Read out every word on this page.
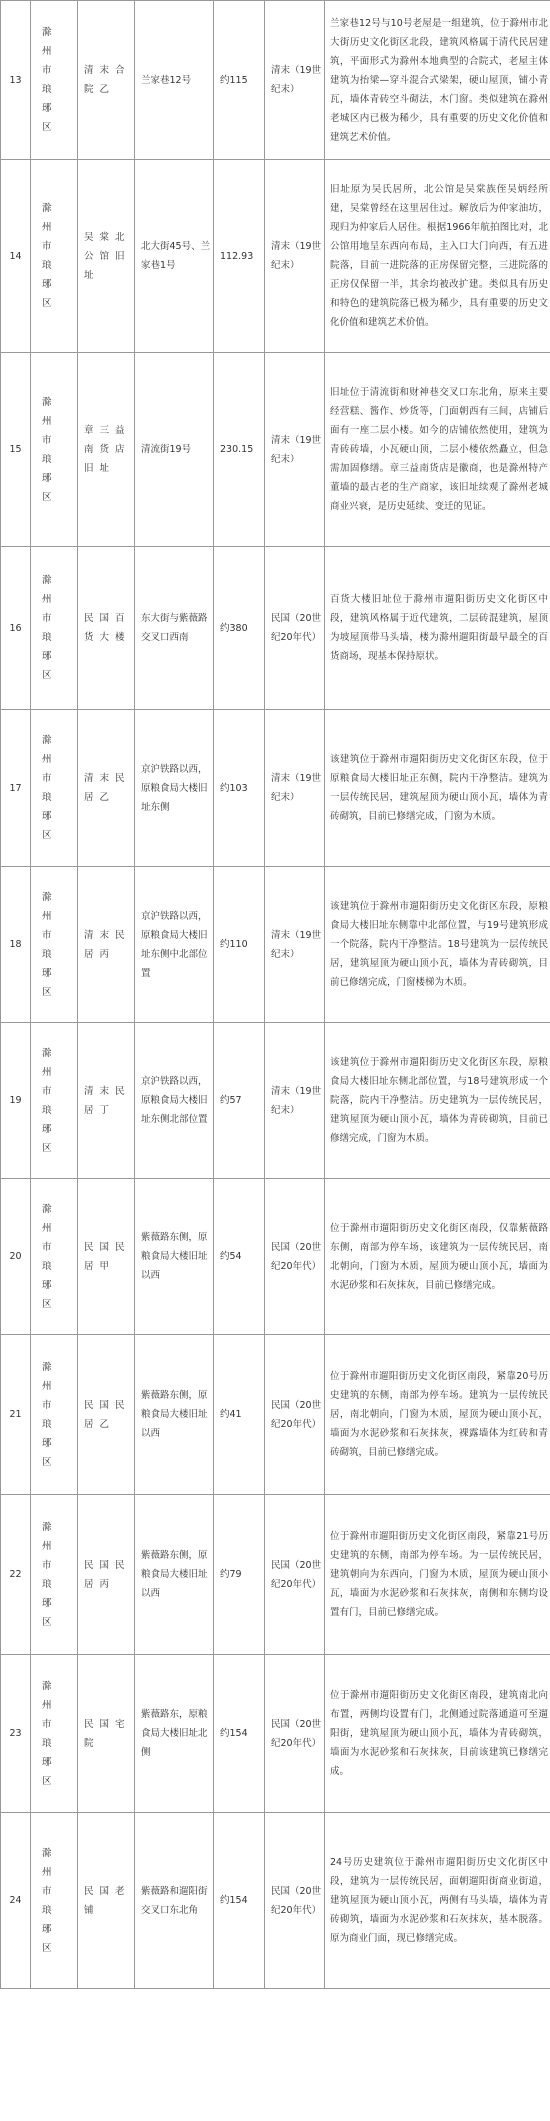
13	滁州市琅琊区	清末合院乙	兰家巷12号	约115	清末（19世纪末）	兰家巷12号与10号老屋是一组建筑，位于滁州市北大街历史文化街区北段，建筑风格属于清代民居建筑，平面形式为滁州本地典型的合院式，老屋主体建筑为抬梁—穿斗混合式梁架，硬山屋顶，铺小青瓦，墙体青砖空斗砌法，木门窗。类似建筑在滁州老城区内已极为稀少，具有重要的历史文化价值和建筑艺术价值。

14	滁州市琅琊区	吴棠北公馆旧址	北大街45号、兰家巷1号	112.93	清末（19世纪末）	旧址原为吴氏居所，北公馆是吴棠族侄吴炳经所建，吴棠曾经在这里居住过。解放后为仲家油坊，现归为仲家后人居住。根据1966年航拍图比对，北公馆用地呈东西向布局，主入口大门向西，有五进院落，目前一进院落的正房保留完整，三进院落的正房仅保留一半，其余均被改扩建。类似具有历史和特色的建筑院落已极为稀少，具有重要的历史文化价值和建筑艺术价值。

15	滁州市琅琊区	章三益南货店旧址	清流街19号	230.15	清末（19世纪末）	旧址位于清流街和财神巷交叉口东北角，原来主要经营糕、酱作、炒货等，门面朝西有三间，店铺后面有一座二层小楼。如今的店铺依然使用，建筑为青砖砖墙，小瓦硬山顶，二层小楼依然矗立，但急需加固修缮。章三益南货店是徽商，也是滁州特产董墙的最古老的生产商家，该旧址续观了滁州老城商业兴衰，是历史延续、变迁的见证。

16	滁州市琅琊区	民国百货大楼	东大街与紫薇路交叉口西南	约380	民国（20世纪20年代）	百货大楼旧址位于滁州市遛阳街历史文化街区中段，建筑风格属于近代建筑，二层砖混建筑，屋顶为坡屋顶带马头墙，楼为滁州遛阳街最早最全的百货商场，现基本保持原状。

17	滁州市琅琊区	清末民居乙	京沪铁路以西，原粮食局大楼旧址东侧	约103	清末（19世纪末）	该建筑位于滁州市遛阳街历史文化街区东段，位于原粮食局大楼旧址正东侧，院内干净整洁。建筑为一层传统民居，建筑屋顶为硬山顶小瓦，墙体为青砖砌筑，目前已修缮完成，门窗为木质。

18	滁州市琅琊区	清末民居丙	京沪铁路以西，原粮食局大楼旧址东侧中北部位置	约110	清末（19世纪末）	该建筑位于滁州市遛阳街历史文化街区东段，原粮食局大楼旧址东侧靠中北部位置，与19号建筑形成一个院落，院内干净整洁。18号建筑为一层传统民居，建筑屋顶为硬山顶小瓦，墙体为青砖砌筑，目前已修缮完成，门窗楼梯为木质。

19	滁州市琅琊区	清末民居丁	京沪铁路以西，原粮食局大楼旧址东侧北部位置	约57	清末（19世纪末）	该建筑位于滁州市遛阳街历史文化街区东段，原粮食局大楼旧址东侧北部位置，与18号建筑形成一个院落，院内干净整洁。历史建筑为一层传统民居，建筑屋顶为硬山顶小瓦，墙体为青砖砌筑，目前已修缮完成，门窗为木质。

20	滁州市琅琊区	民国民居甲	紫薇路东侧，原粮食局大楼旧址以西	约54	民国（20世纪20年代）	位于滁州市遛阳街历史文化街区南段，仅靠紫薇路东侧，南部为停车场，该建筑为一层传统民居，南北朝向，门窗为木质，屋顶为硬山顶小瓦，墙面为水泥砂浆和石灰抹灰，目前已修缮完成。

21	滁州市琅琊区	民国民居乙	紫薇路东侧，原粮食局大楼旧址以西	约41	民国（20世纪20年代）	位于滁州市遛阳街历史文化街区南段，紧靠20号历史建筑的东侧，南部为停车场。建筑为一层传统民居，南北朝向，门窗为木质，屋顶为硬山顶小瓦，墙面为水泥砂浆和石灰抹灰，裸露墙体为红砖和青砖砌筑，目前已修缮完成。

22	滁州市琅琊区	民国民居丙	紫薇路东侧，原粮食局大楼旧址以西	约79	民国（20世纪20年代）	位于滁州市遛阳街历史文化街区南段，紧靠21号历史建筑的东侧，南部为停车场。为一层传统民居，建筑朝向为东西向，门窗为木质，屋顶为硬山顶小瓦，墙面为水泥砂浆和石灰抹灰，南侧和东侧均设置有门，目前已修缮完成。

23	滁州市琅琊区	民国宅院	紫薇路东，原粮食局大楼旧址北侧	约154	民国（20世纪20年代）	位于滁州市遛阳街历史文化街区南段，建筑南北向布置，两侧均设置有门，北侧通过院落通道可至遛阳街，建筑屋顶为硬山顶小瓦，墙体为青砖砌筑，墙面为水泥砂浆和石灰抹灰，目前该建筑已修缮完成。

24	滁州市琅琊区	民国老铺	紫薇路和遛阳街交叉口东北角	约154	民国（20世纪20年代）	24号历史建筑位于滁州市遛阳街历史文化街区中段，建筑为一层传统民居，面朝遛阳街商业街道，建筑屋顶为硬山顶小瓦，两侧有马头墙，墙体为青砖砌筑，墙面为水泥砂浆和石灰抹灰，基本脱落。原为商业门面，现已修缮完成。
